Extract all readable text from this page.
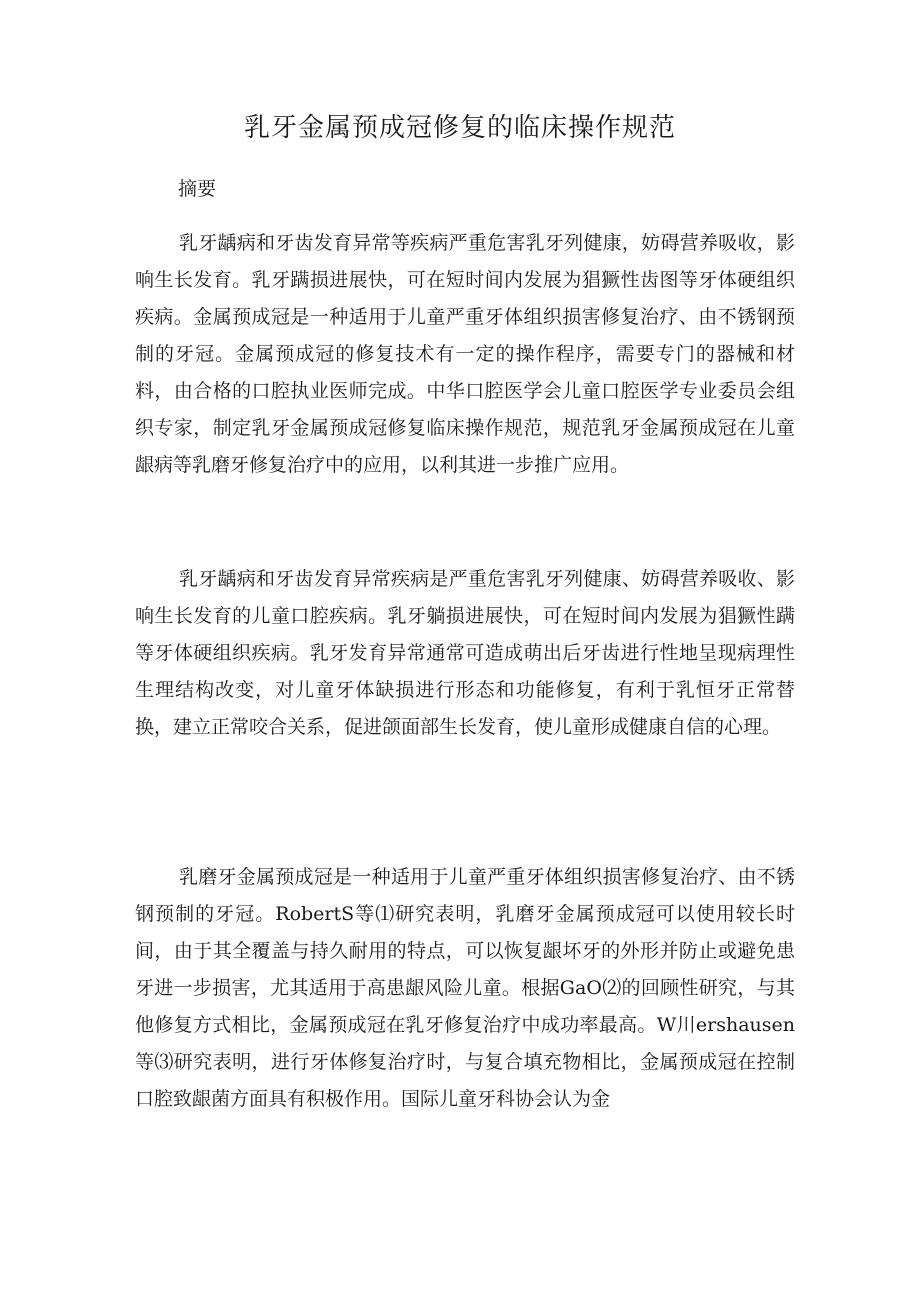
乳牙金属预成冠修复的临床操作规范

摘要

乳牙龋病和牙齿发育异常等疾病严重危害乳牙列健康，妨碍营养吸收，影响生长发育。乳牙蹒损进展快，可在短时间内发展为猖獗性齿图等牙体硬组织疾病。金属预成冠是一种适用于儿童严重牙体组织损害修复治疗、由不锈钢预制的牙冠。金属预成冠的修复技术有一定的操作程序，需要专门的器械和材料，由合格的口腔执业医师完成。中华口腔医学会儿童口腔医学专业委员会组织专家，制定乳牙金属预成冠修复临床操作规范，规范乳牙金属预成冠在儿童龈病等乳磨牙修复治疗中的应用，以利其进一步推广应用。

乳牙龋病和牙齿发育异常疾病是严重危害乳牙列健康、妨碍营养吸收、影响生长发育的儿童口腔疾病。乳牙躺损进展快，可在短时间内发展为猖獗性蹒等牙体硬组织疾病。乳牙发育异常通常可造成萌出后牙齿进行性地呈现病理性生理结构改变，对儿童牙体缺损进行形态和功能修复，有利于乳恒牙正常替换，建立正常咬合关系，促进颌面部生长发育，使儿童形成健康自信的心理。

乳磨牙金属预成冠是一种适用于儿童严重牙体组织损害修复治疗、由不锈钢预制的牙冠。RobertS等⑴研究表明，乳磨牙金属预成冠可以使用较长时间，由于其全覆盖与持久耐用的特点，可以恢复龈坏牙的外形并防止或避免患牙进一步损害，尤其适用于高患龈风险儿童。根据GaO⑵的回顾性研究，与其他修复方式相比，金属预成冠在乳牙修复治疗中成功率最高。W川ershausen等⑶研究表明，进行牙体修复治疗时，与复合填充物相比，金属预成冠在控制口腔致龈菌方面具有积极作用。国际儿童牙科协会认为金
